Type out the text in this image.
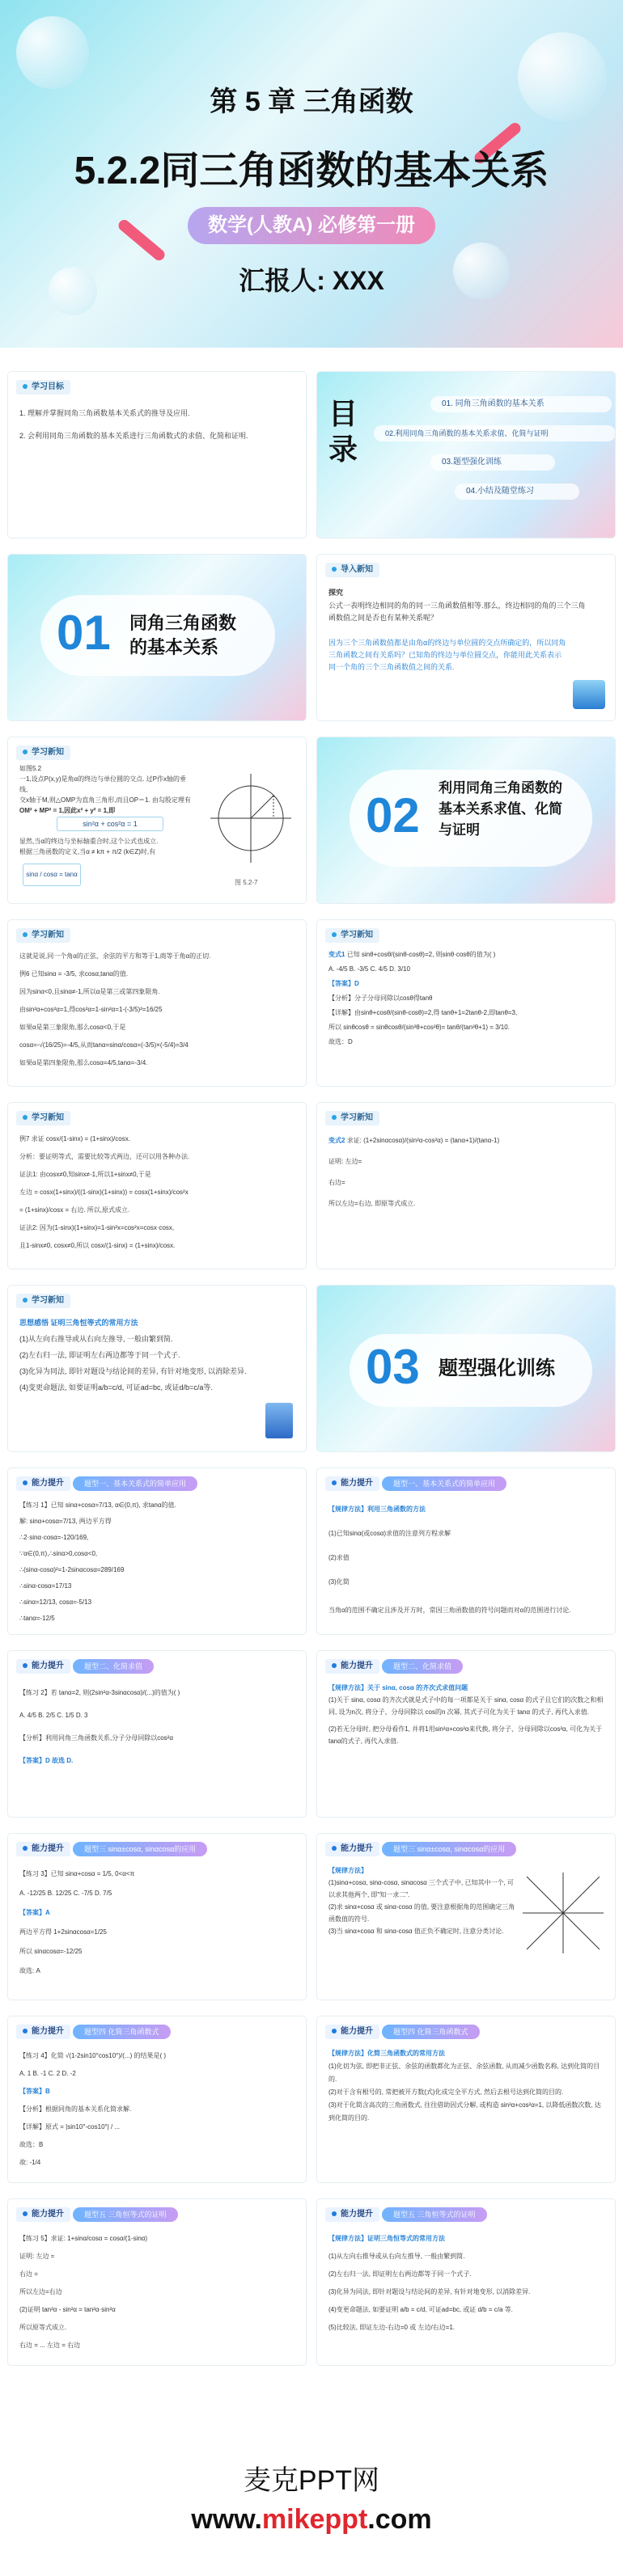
第 5 章 三角函数
5.2.2同三角函数的基本关系
数学(人教A) 必修第一册
汇报人: XXX
学习目标
1. 理解并掌握同角三角函数基本关系式的推导及应用.
2. 会利用同角三角函数的基本关系进行三角函数式的求值、化简和证明.
目录
01. 同角三角函数的基本关系
02.利用同角三角函数的基本关系求值、化简与证明
03.题型强化训练
04.小结及随堂练习
01 同角三角函数
的基本关系
导入新知
探究
公式一表明终边相同的角的同一三角函数值相等.那么，终边相同的角的三个三角函数值之间是否也有某种关系呢？
因为三个三角函数值都是由角α的终边与单位圆的交点所确定的，所以同角三角函数之间有关系吗？已知角的终边与单位圆交点，你能用此关系表示同一个角的三个三角函数值之间的关系.
学习新知
如图5.2
一1,设点P(x,y)是角α的终边与单位圆的交点. 过P作x轴的垂线,
交x轴于M,则△OMP为直角三角形,而且OP＝1. 由勾股定理有
OM² + MP² = 1,因此x² + y² = 1,即
sin²α + cos²α = 1
显然,当α的终边与坐标轴重合时,这个公式也成立.
根据三角函数的定义,当α ≠ kπ + π/2 (k∈Z)时,有
sinα / cosα = tanα
图 5.2-7
02
利用同角三角函数的
基本关系求值、化简
与证明
学习新知
这就是说,同一个角α的正弦、余弦的平方和等于1,商等于角α的正切.
例6 已知sinα = -3/5, 求cosα,tanα的值.
因为sinα<0,且sinα≠-1,所以α是第三或第四象限角.
由sin²α+cos²α=1,得cos²α=1-sin²α=1-(-3/5)²=16/25
如果α是第三象限角,那么cosα<0,于是
cosα=-√(16/25)=-4/5,从而tanα=sinα/cosα=(-3/5)×(-5/4)=3/4
如果α是第四象限角,那么cosα=4/5,tanα=-3/4.
学习新知
变式1 已知 sinθ+cosθ/(sinθ-cosθ)=2, 则sinθ·cosθ的值为( )
A. -4/5 B. -3/5 C. 4/5 D. 3/10
【答案】D
【分析】分子分母同除以cosθ得tanθ
【详解】由sinθ+cosθ/(sinθ-cosθ)=2,得 tanθ+1=2tanθ-2,即tanθ=3,
所以 sinθcosθ = sinθcosθ/(sin²θ+cos²θ)= tanθ/(tan²θ+1) = 3/10.
故选：D
学习新知
例7 求证 cosx/(1-sinx) = (1+sinx)/cosx.
分析：要证明等式，需要比较等式两边，还可以用各种办法.
证法1: 由cosx≠0,知sinx≠-1,所以1+sinx≠0,于是
左边 = cosx(1+sinx)/((1-sinx)(1+sinx)) = cosx(1+sinx)/cos²x
= (1+sinx)/cosx = 右边. 所以,原式成立.
证法2: 因为(1-sinx)(1+sinx)=1-sin²x=cos²x=cosx·cosx,
且1-sinx≠0, cosx≠0,所以 cosx/(1-sinx) = (1+sinx)/cosx.
学习新知
变式2 求证: (1+2sinαcosα)/(sin²α-cos²α) = (tanα+1)/(tanα-1)
证明: 左边=
右边=
所以左边=右边, 即原等式成立.
学习新知
思想感悟 证明三角恒等式的常用方法
(1)从左向右推导或从右向左推导, 一般由繁到简.
(2)左右归一法, 即证明左右两边都等于同一个式子.
(3)化异为同法, 即针对题设与结论间的差异, 有针对地变形, 以消除差异.
(4)变更命题法, 如要证明a/b=c/d, 可证ad=bc, 或证d/b=c/a等.	03 题型强化训练
能力提升	题型一、基本关系式的简单应用
【练习 1】已知 sinα+cosα=7/13, α∈(0,π), 求tanα的值.
解: sinα+cosα=7/13, 两边平方得
∴2·sinα·cosα=-120/169,
∵α∈(0,π),∴sinα>0,cosα<0,
∴(sinα-cosα)²=1-2sinαcosα=289/169
∴sinα-cosα=17/13
∴sinα=12/13, cosα=-5/13
∴tanα=-12/5
能力提升	题型一、基本关系式的简单应用
【规律方法】利用三角函数的方法
(1)已知sinα(或cosα)求值的注意列方程求解
(2)求值
(3)化简
当角α的范围不确定且涉及开方时，常因三角函数值的符号问题而对α的范围进行讨论.
能力提升	题型二、化简求值
【练习 2】若 tanα=2, 则(2sin²α-3sinαcosα)/(...)的值为( )
A. 4/5 B. 2/5 C. 1/5 D. 3
【分析】利用同角三角函数关系,分子分母同除以cos²α
【答案】D 故选 D.
能力提升	题型二、化简求值
【规律方法】关于 sinα, cosα 的齐次式求值问题
(1)关于 sinα, cosα 的齐次式就是式子中的每一项都是关于 sinα, cosα 的式子且它们的次数之和相同, 设为n次, 将分子、分母同除以 cos的n 次幂, 其式子可化为关于 tanα 的式子, 再代入求值.
(2)若无分母时, 把分母看作1, 并将1用sin²α+cos²α来代换, 将分子、分母同除以cos²α, 可化为关于tanα的式子, 再代入求值.
能力提升	题型三 sinα±cosα, sinαcosα的应用
【练习 3】已知 sinα+cosα = 1/5, 0<α<π
A. -12/25 B. 12/25 C. -7/5 D. 7/5
【答案】A
两边平方得 1+2sinαcosα=1/25
所以 sinαcosα=-12/25
故选: A
能力提升	题型三 sinα±cosα, sinαcosα的应用
【规律方法】
(1)sinα+cosα, sinα-cosα, sinαcosα 三个式子中, 已知其中一个, 可以求其他两个, 即"知一求二".
(2)求 sinα+cosα 或 sinα-cosα 的值, 要注意根据角的范围确定三角函数值的符号.
(3)当 sinα+cosα 和 sinα-cosα 值正负不确定时, 注意分类讨论.
能力提升	题型四 化简三角函数式
【练习 4】化简 √(1-2sin10°cos10°)/(...) 的结果是( )
A. 1 B. -1 C. 2 D. -2
【答案】B
【分析】根据同角的基本关系化简求解.
【详解】原式 = |sin10°-cos10°| / ...
故选：B
故: -1/4
能力提升	题型四 化简三角函数式
【规律方法】化简三角函数式的常用方法
(1)化切为弦, 即把非正弦、余弦的函数都化为正弦、余弦函数, 从而减少函数名称, 达到化简的目的.
(2)对于含有根号的, 常把被开方数(式)化成完全平方式, 然后去根号达到化简的目的.
(3)对于化简含高次的三角函数式, 往往借助因式分解, 或构造 sin²α+cos²α=1, 以降低函数次数, 达到化简的目的.
能力提升	题型五 三角恒等式的证明
【练习 5】求证: 1+sinα/cosα = cosα/(1-sinα)
证明: 左边 =
右边 =
所以左边=右边
(2)证明 tan²α - sin²α = tan²α·sin²α
所以原等式成立.
右边 = ... 左边 = 右边
能力提升	题型五 三角恒等式的证明
【规律方法】证明三角恒等式的常用方法
(1)从左向右推导或从右向左推导, 一般由繁到简.
(2)左右归一法, 即证明左右两边都等于同一个式子.
(3)化异为同法, 即针对题设与结论间的差异, 有针对地变形, 以消除差异.
(4)变更命题法, 如要证明 a/b = c/d, 可证ad=bc, 或证 d/b = c/a 等.
(5)比较法, 即证左边-右边=0 或 左边/右边=1.
麦克PPT网
www.mikeppt.com
